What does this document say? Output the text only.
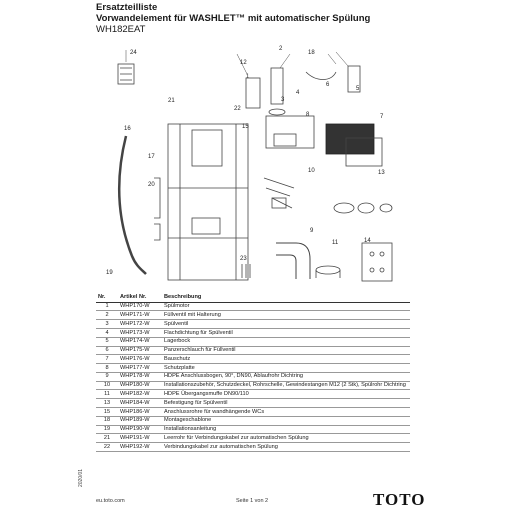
Ersatzteilliste
Vorwandelement für WASHLET™ mit automatischer Spülung
WH182EAT
1
2
3
4
5
6
7
8
9
10
11
12
13
14
15
16
17
18
19
20
21
22
23
24
Nr.	Artikel Nr.	Beschreibung
1	WHP170-W	Spülmotor
2	WHP171-W	Füllventil mit Halterung
3	WHP172-W	Spülventil
4	WHP173-W	Flachdichtung für Spülventil
5	WHP174-W	Lagerbock
6	WHP175-W	Panzerschlauch für Füllventil
7	WHP176-W	Bauschutz
8	WHP177-W	Schutzplatte
9	WHP178-W	HDPE Anschlussbogen, 90°, DN90, Ablaufrohr Dichtring
10	WHP180-W	Installationszubehör, Schutzdeckel, Rohrschelle, Gewindestangen M12 (2 Stk), Spülrohr Dichtring
11	WHP182-W	HDPE Übergangsmuffe DN90/110
13	WHP184-W	Befestigung für Spülventil
15	WHP186-W	Anschlussrohre für wandhängende WCs
18	WHP189-W	Montageschablone
19	WHP190-W	Installationsanleitung
21	WHP191-W	Leerrohr für Verbindungskabel zur automatischen Spülung
22	WHP192-W	Verbindungskabel zur automatischen Spülung
2020/01
eu.toto.com	Seite 1 von 2	TOTO
